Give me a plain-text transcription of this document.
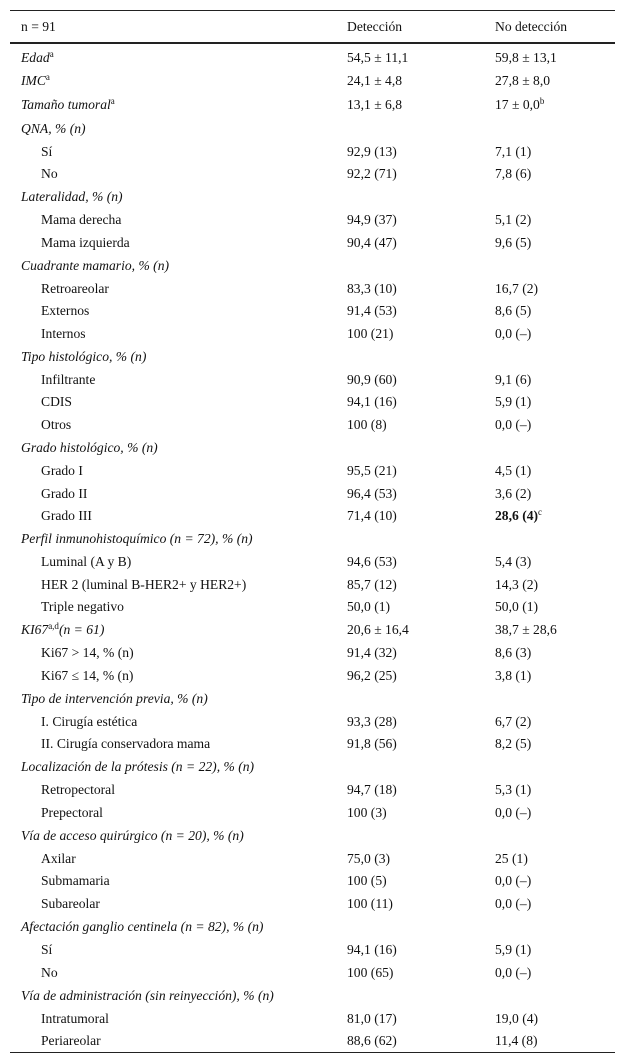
n = 91	Detección	No detección
Edad$^a$	54,5 ± 11,1	59,8 ± 13,1
IMC$^a$	24,1 ± 4,8	27,8 ± 8,0
Tamaño tumoral$^a$	13,1 ± 6,8	17 ± 0,0$^b$
QNA, % (n)		
Sí	92,9 (13)	7,1 (1)
No	92,2 (71)	7,8 (6)
Lateralidad, % (n)		
Mama derecha	94,9 (37)	5,1 (2)
Mama izquierda	90,4 (47)	9,6 (5)
Cuadrante mamario, % (n)		
Retroareolar	83,3 (10)	16,7 (2)
Externos	91,4 (53)	8,6 (5)
Internos	100 (21)	0,0 (–)
Tipo histológico, % (n)		
Infiltrante	90,9 (60)	9,1 (6)
CDIS	94,1 (16)	5,9 (1)
Otros	100 (8)	0,0 (–)
Grado histológico, % (n)		
Grado I	95,5 (21)	4,5 (1)
Grado II	96,4 (53)	3,6 (2)
Grado III	71,4 (10)	28,6 $(4)^c$
Perfil inmunohistoquímico (n = 72), % (n)		
Luminal (A y B)	94,6 (53)	5,4 (3)
HER 2 (luminal B-HER2+ y HER2+)	85,7 (12)	14,3 (2)
Triple negativo	50,0 (1)	50,0 (1)
$KI67^{a,d}(n = 61)$	20,6 ± 16,4	38,7 ± 28,6
Ki67 > 14, % (n)	91,4 (32)	8,6 (3)
Ki67 ≤ 14, % (n)	96,2 (25)	3,8 (1)
Tipo de intervención previa, % (n)		
I. Cirugía estética	93,3 (28)	6,7 (2)
II. Cirugía conservadora mama	91,8 (56)	8,2 (5)
Localización de la prótesis (n = 22), % (n)		
Retropectoral	94,7 (18)	5,3 (1)
Prepectoral	100 (3)	0,0 (–)
Vía de acceso quirúrgico (n = 20), % (n)		
Axilar	75,0 (3)	25 (1)
Submamaria	100 (5)	0,0 (–)
Subareolar	100 (11)	0,0 (–)
Afectación ganglio centinela (n = 82), % (n)		
Sí	94,1 (16)	5,9 (1)
No	100 (65)	0,0 (–)
Vía de administración (sin reinyección), % (n)		
Intratumoral	81,0 (17)	19,0 (4)
Periareolar	88,6 (62)	11,4 (8)
